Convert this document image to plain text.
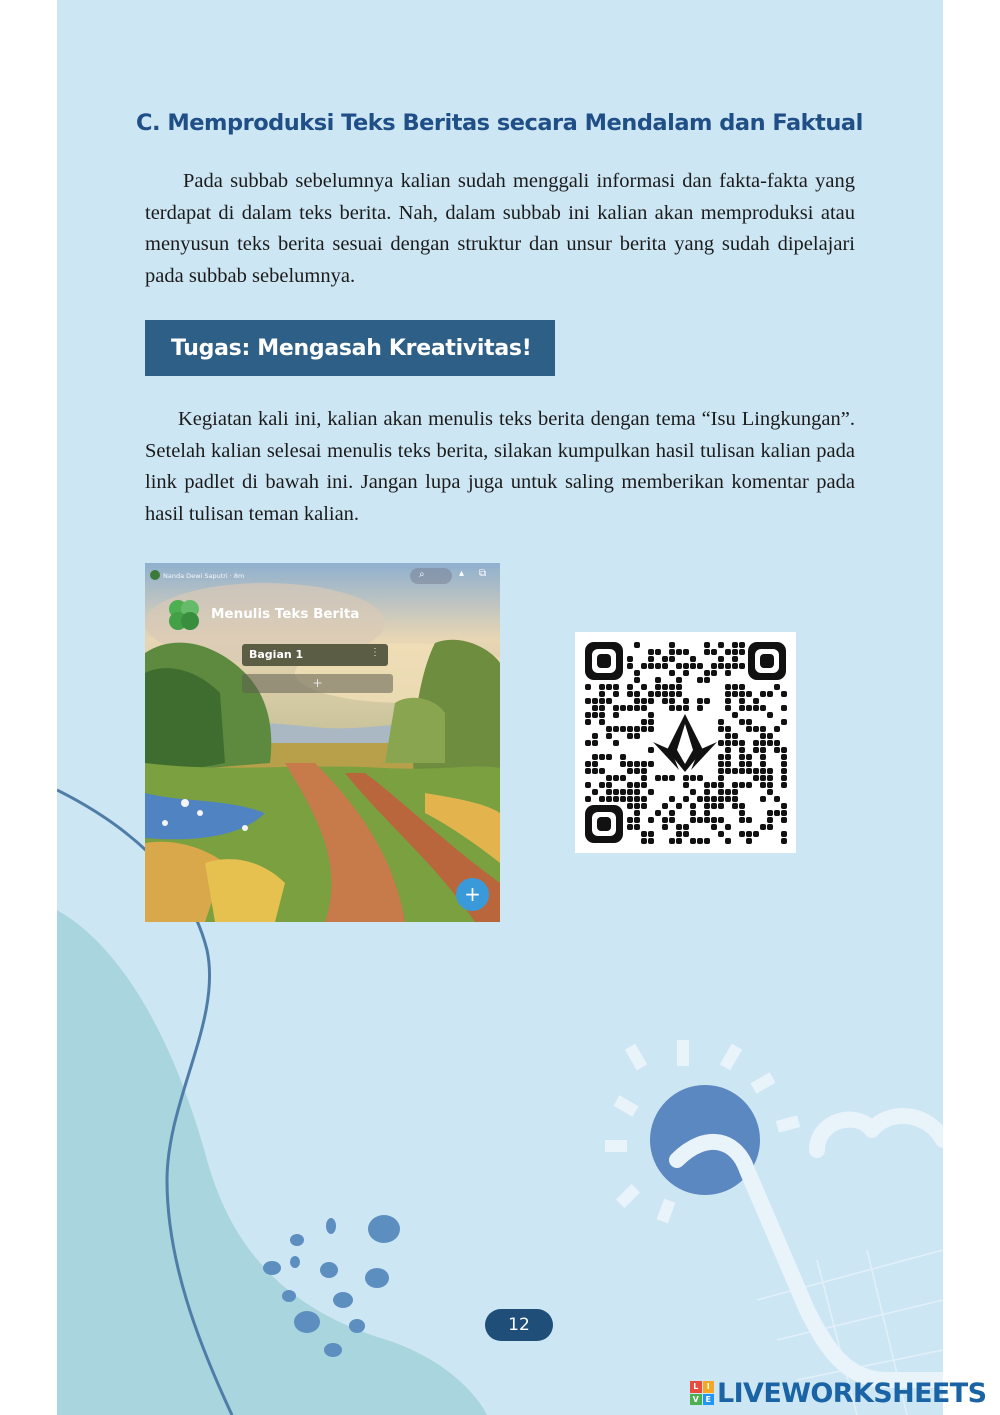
C. Memproduksi Teks Beritas secara Mendalam dan Faktual

Pada subbab sebelumnya kalian sudah menggali informasi dan fakta-fakta yang terdapat di dalam teks berita. Nah, dalam subbab ini kalian akan memproduksi atau menyusun teks berita sesuai dengan struktur dan unsur berita yang sudah dipelajari pada subbab sebelumnya.

Tugas: Mengasah Kreativitas!

Kegiatan kali ini, kalian akan menulis teks berita dengan tema “Isu Lingkungan”. Setelah kalian selesai menulis teks berita, silakan kumpulkan hasil tulisan kalian pada link padlet di bawah ini. Jangan lupa juga untuk saling memberikan komentar pada hasil tulisan teman kalian.

Nanda Dewi Saputri · 8m	⌕	▴ ⧉
Menulis Teks Berita
Bagian 1	⋮
+
+
12
L	I
V E LIVEWORKSHEETS
